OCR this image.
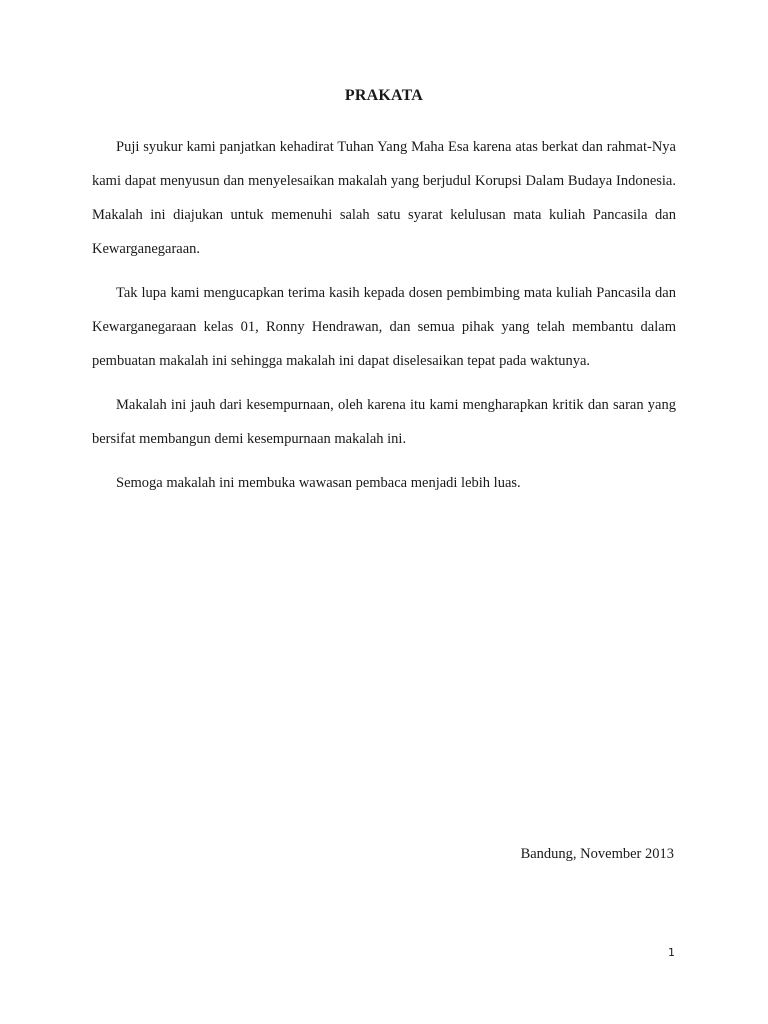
PRAKATA

Puji syukur kami panjatkan kehadirat Tuhan Yang Maha Esa karena atas berkat dan rahmat-Nya kami dapat menyusun dan menyelesaikan makalah yang berjudul Korupsi Dalam Budaya Indonesia. Makalah ini diajukan untuk memenuhi salah satu syarat kelulusan mata kuliah Pancasila dan Kewarganegaraan.

Tak lupa kami mengucapkan terima kasih kepada dosen pembimbing mata kuliah Pancasila dan Kewarganegaraan kelas 01, Ronny Hendrawan, dan semua pihak yang telah membantu dalam pembuatan makalah ini sehingga makalah ini dapat diselesaikan tepat pada waktunya.

Makalah ini jauh dari kesempurnaan, oleh karena itu kami mengharapkan kritik dan saran yang bersifat membangun demi kesempurnaan makalah ini.

Semoga makalah ini membuka wawasan pembaca menjadi lebih luas.

Bandung, November 2013

1
